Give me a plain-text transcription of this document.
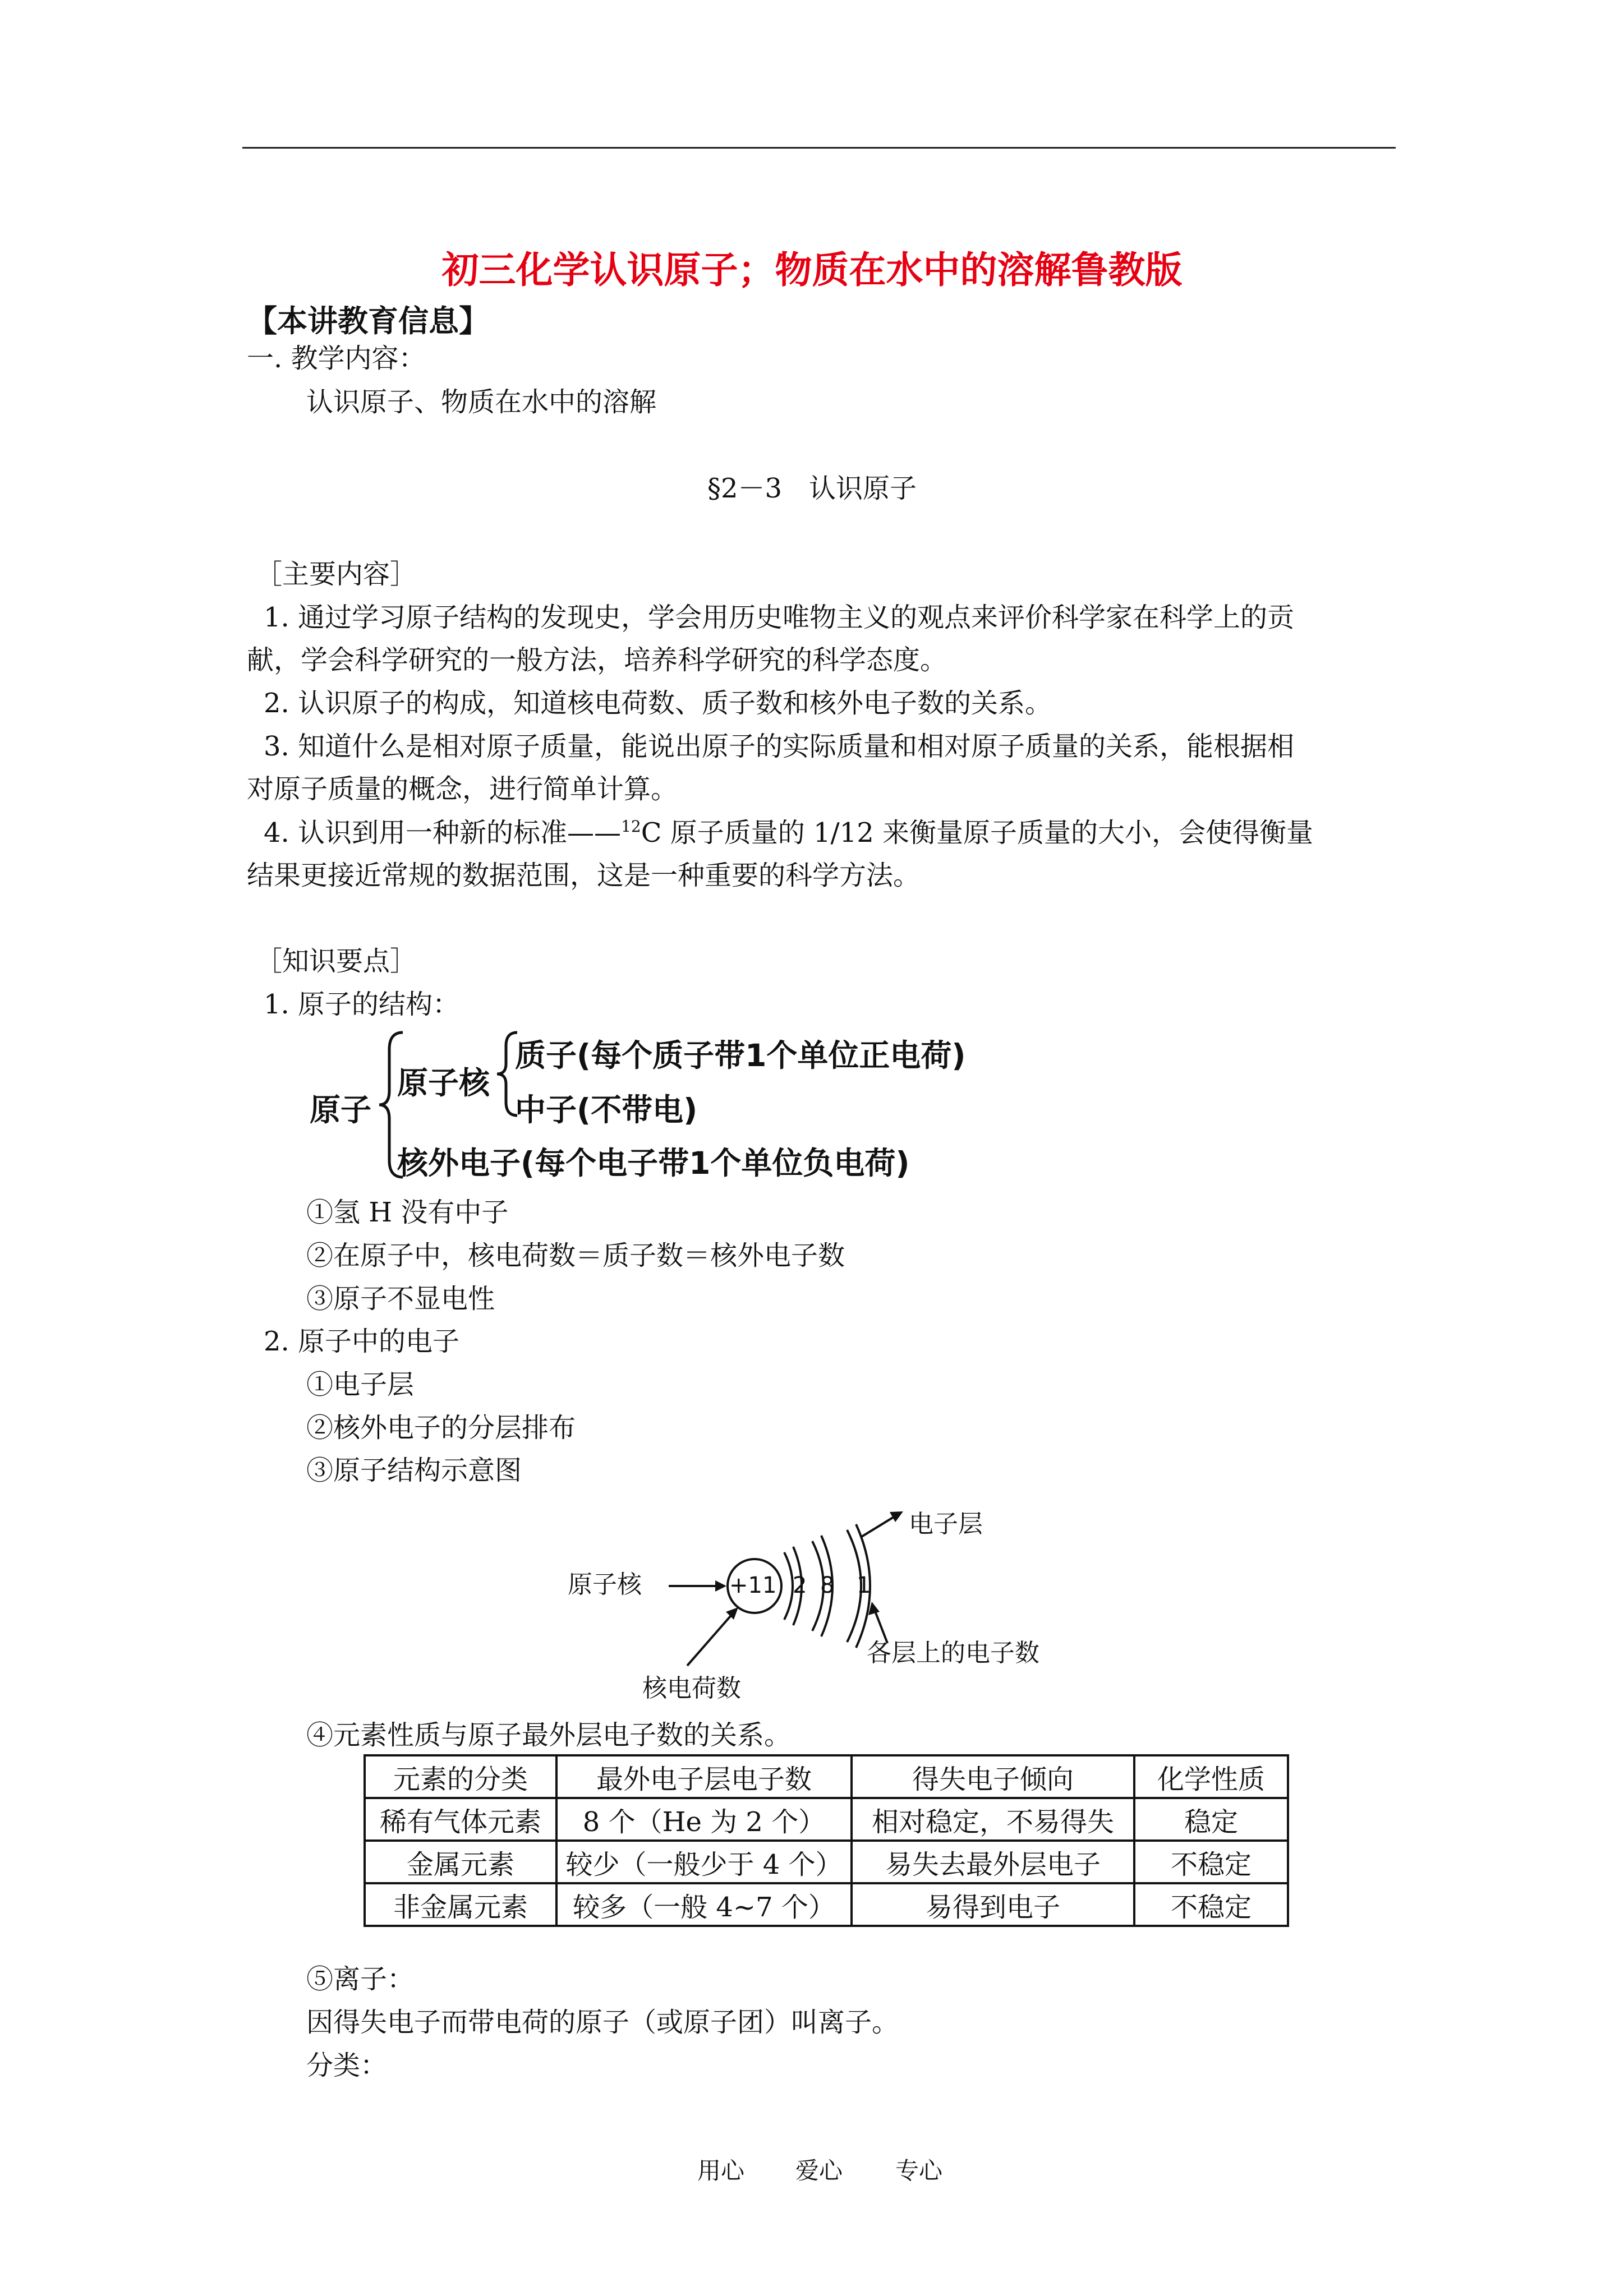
初三化学认识原子；物质在水中的溶解鲁教版
【本讲教育信息】
一. 教学内容：
认识原子、物质在水中的溶解
§2－3　认识原子
［主要内容］
1. 通过学习原子结构的发现史，学会用历史唯物主义的观点来评价科学家在科学上的贡
献，学会科学研究的一般方法，培养科学研究的科学态度。
2. 认识原子的构成，知道核电荷数、质子数和核外电子数的关系。
3. 知道什么是相对原子质量，能说出原子的实际质量和相对原子质量的关系，能根据相
对原子质量的概念，进行简单计算。
4. 认识到用一种新的标准——$^{12}$C 原子质量的 1/12 来衡量原子质量的大小，会使得衡量
结果更接近常规的数据范围，这是一种重要的科学方法。
［知识要点］
1. 原子的结构：
原子
原子核
质子(每个质子带1个单位正电荷)
中子(不带电)
核外电子(每个电子带1个单位负电荷)
①氢 H 没有中子
②在原子中，核电荷数＝质子数＝核外电子数
③原子不显电性
2. 原子中的电子
①电子层
②核外电子的分层排布
③原子结构示意图
原子核
核电荷数
电子层
各层上的电子数
+11 2 8 1
④元素性质与原子最外层电子数的关系。
元素的分类	最外电子层电子数	得失电子倾向	化学性质
稀有气体元素	8 个（He 为 2 个）	相对稳定，不易得失	稳定
金属元素	较少（一般少于 4 个）	易失去最外层电子	不稳定
非金属元素	较多（一般 4~7 个）	易得到电子	不稳定
⑤离子：
因得失电子而带电荷的原子（或原子团）叫离子。
分类：
用心 爱心 专心
